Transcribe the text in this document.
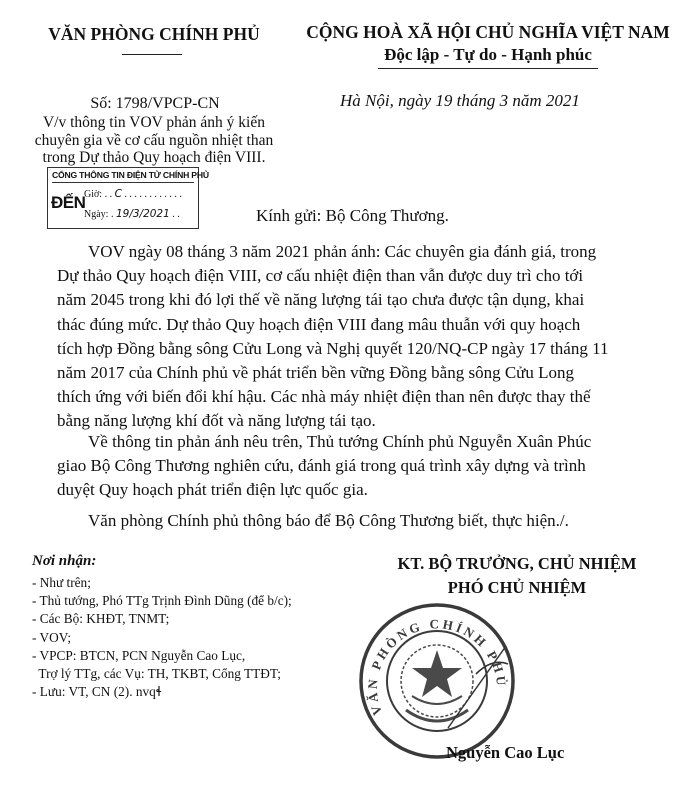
VĂN PHÒNG CHÍNH PHỦ	CỘNG HOÀ XÃ HỘI CHỦ NGHĨA VIỆT NAM
Độc lập - Tự do - Hạnh phúc
Số: 1798/VPCP-CN
V/v thông tin VOV phản ánh ý kiến
chuyên gia về cơ cấu nguồn nhiệt than
trong Dự thảo Quy hoạch điện VIII.
Hà Nội, ngày 19 tháng 3 năm 2021
CỔNG THÔNG TIN ĐIỆN TỬ CHÍNH PHỦ
ĐẾN
Giờ: . . C . . . . . . . . . . . .
Ngày: . 19/3/2021 . .	Kính gửi: Bộ Công Thương.
VOV ngày 08 tháng 3 năm 2021 phản ánh: Các chuyên gia đánh giá, trong
Dự thảo Quy hoạch điện VIII, cơ cấu nhiệt điện than vẫn được duy trì cho tới
năm 2045 trong khi đó lợi thế về năng lượng tái tạo chưa được tận dụng, khai
thác đúng mức. Dự thảo Quy hoạch điện VIII đang mâu thuẫn với quy hoạch
tích hợp Đồng bằng sông Cửu Long và Nghị quyết 120/NQ-CP ngày 17 tháng 11
năm 2017 của Chính phủ về phát triển bền vững Đồng bằng sông Cửu Long
thích ứng với biến đổi khí hậu. Các nhà máy nhiệt điện than nên được thay thế
bằng năng lượng khí đốt và năng lượng tái tạo.
Về thông tin phản ánh nêu trên, Thủ tướng Chính phủ Nguyễn Xuân Phúc
giao Bộ Công Thương nghiên cứu, đánh giá trong quá trình xây dựng và trình
duyệt Quy hoạch phát triển điện lực quốc gia.
Văn phòng Chính phủ thông báo để Bộ Công Thương biết, thực hiện./.
Nơi nhận:
- Như trên;
- Thủ tướng, Phó TTg Trịnh Đình Dũng (để b/c);
- Các Bộ: KHĐT, TNMT;
- VOV;
- VPCP: BTCN, PCN Nguyễn Cao Lục,
Trợ lý TTg, các Vụ: TH, TKBT, Cổng TTĐT;
- Lưu: VT, CN (2). nvqɬ
KT. BỘ TRƯỞNG, CHỦ NHIỆM
PHÓ CHỦ NHIỆM
VĂN PHÒNG CHÍNH PHỦ
Nguyễn Cao Lục
